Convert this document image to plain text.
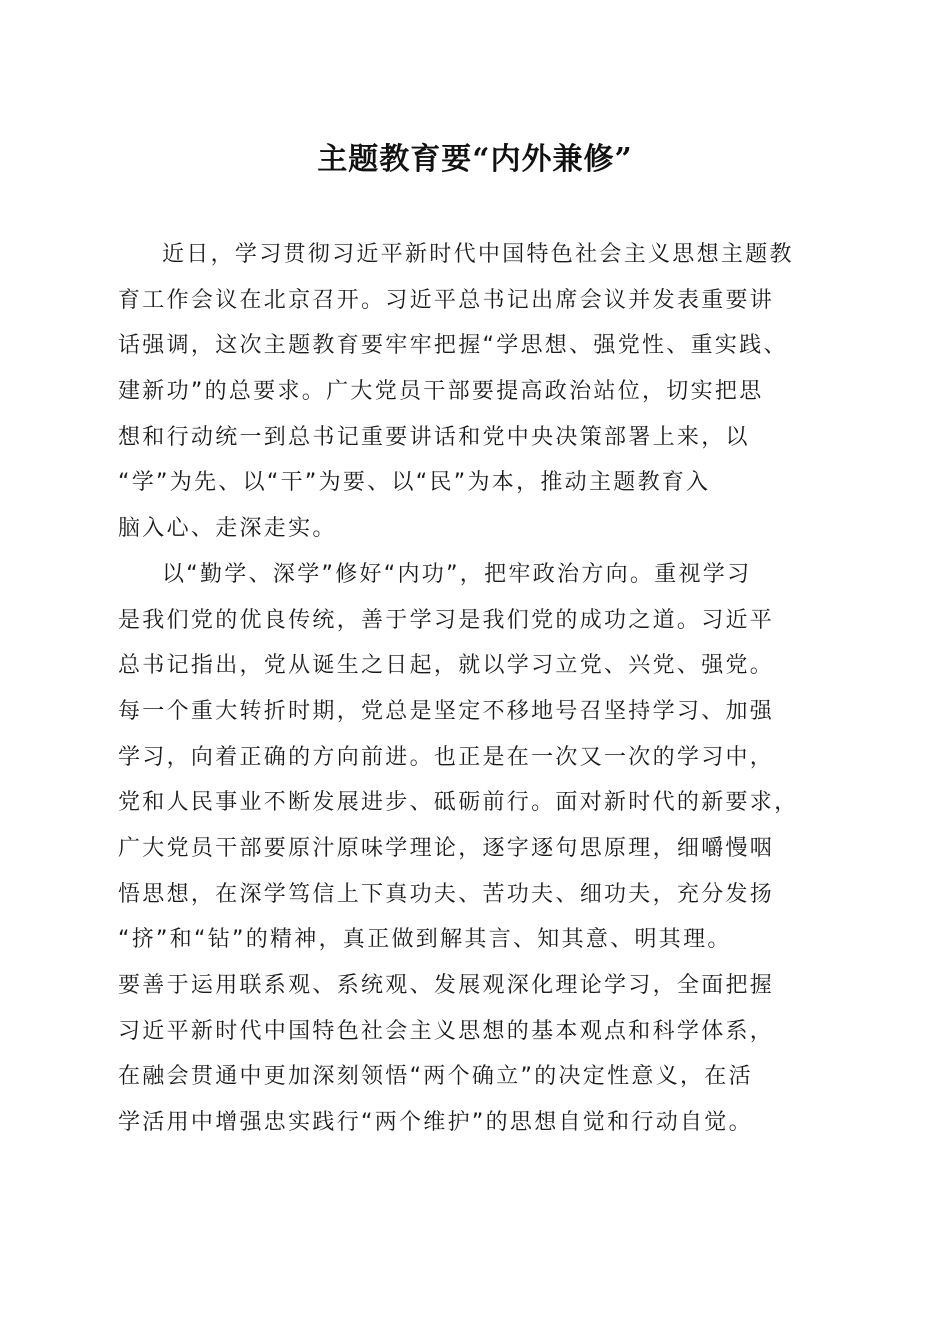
主题教育要“内外兼修”
近日，学习贯彻习近平新时代中国特色社会主义思想主题教
育工作会议在北京召开。习近平总书记出席会议并发表重要讲
话强调，这次主题教育要牢牢把握“学思想、强党性、重实践、
建新功”的总要求。广大党员干部要提高政治站位，切实把思
想和行动统一到总书记重要讲话和党中央决策部署上来，以
“学”为先、以“干”为要、以“民”为本，推动主题教育入
脑入心、走深走实。
以“勤学、深学”修好“内功”，把牢政治方向。重视学习
是我们党的优良传统，善于学习是我们党的成功之道。习近平
总书记指出，党从诞生之日起，就以学习立党、兴党、强党。
每一个重大转折时期，党总是坚定不移地号召坚持学习、加强
学习，向着正确的方向前进。也正是在一次又一次的学习中，
党和人民事业不断发展进步、砥砺前行。面对新时代的新要求，
广大党员干部要原汁原味学理论，逐字逐句思原理，细嚼慢咽
悟思想，在深学笃信上下真功夫、苦功夫、细功夫，充分发扬
“挤”和“钻”的精神，真正做到解其言、知其意、明其理。
要善于运用联系观、系统观、发展观深化理论学习，全面把握
习近平新时代中国特色社会主义思想的基本观点和科学体系，
在融会贯通中更加深刻领悟“两个确立”的决定性意义，在活
学活用中增强忠实践行“两个维护”的思想自觉和行动自觉。
